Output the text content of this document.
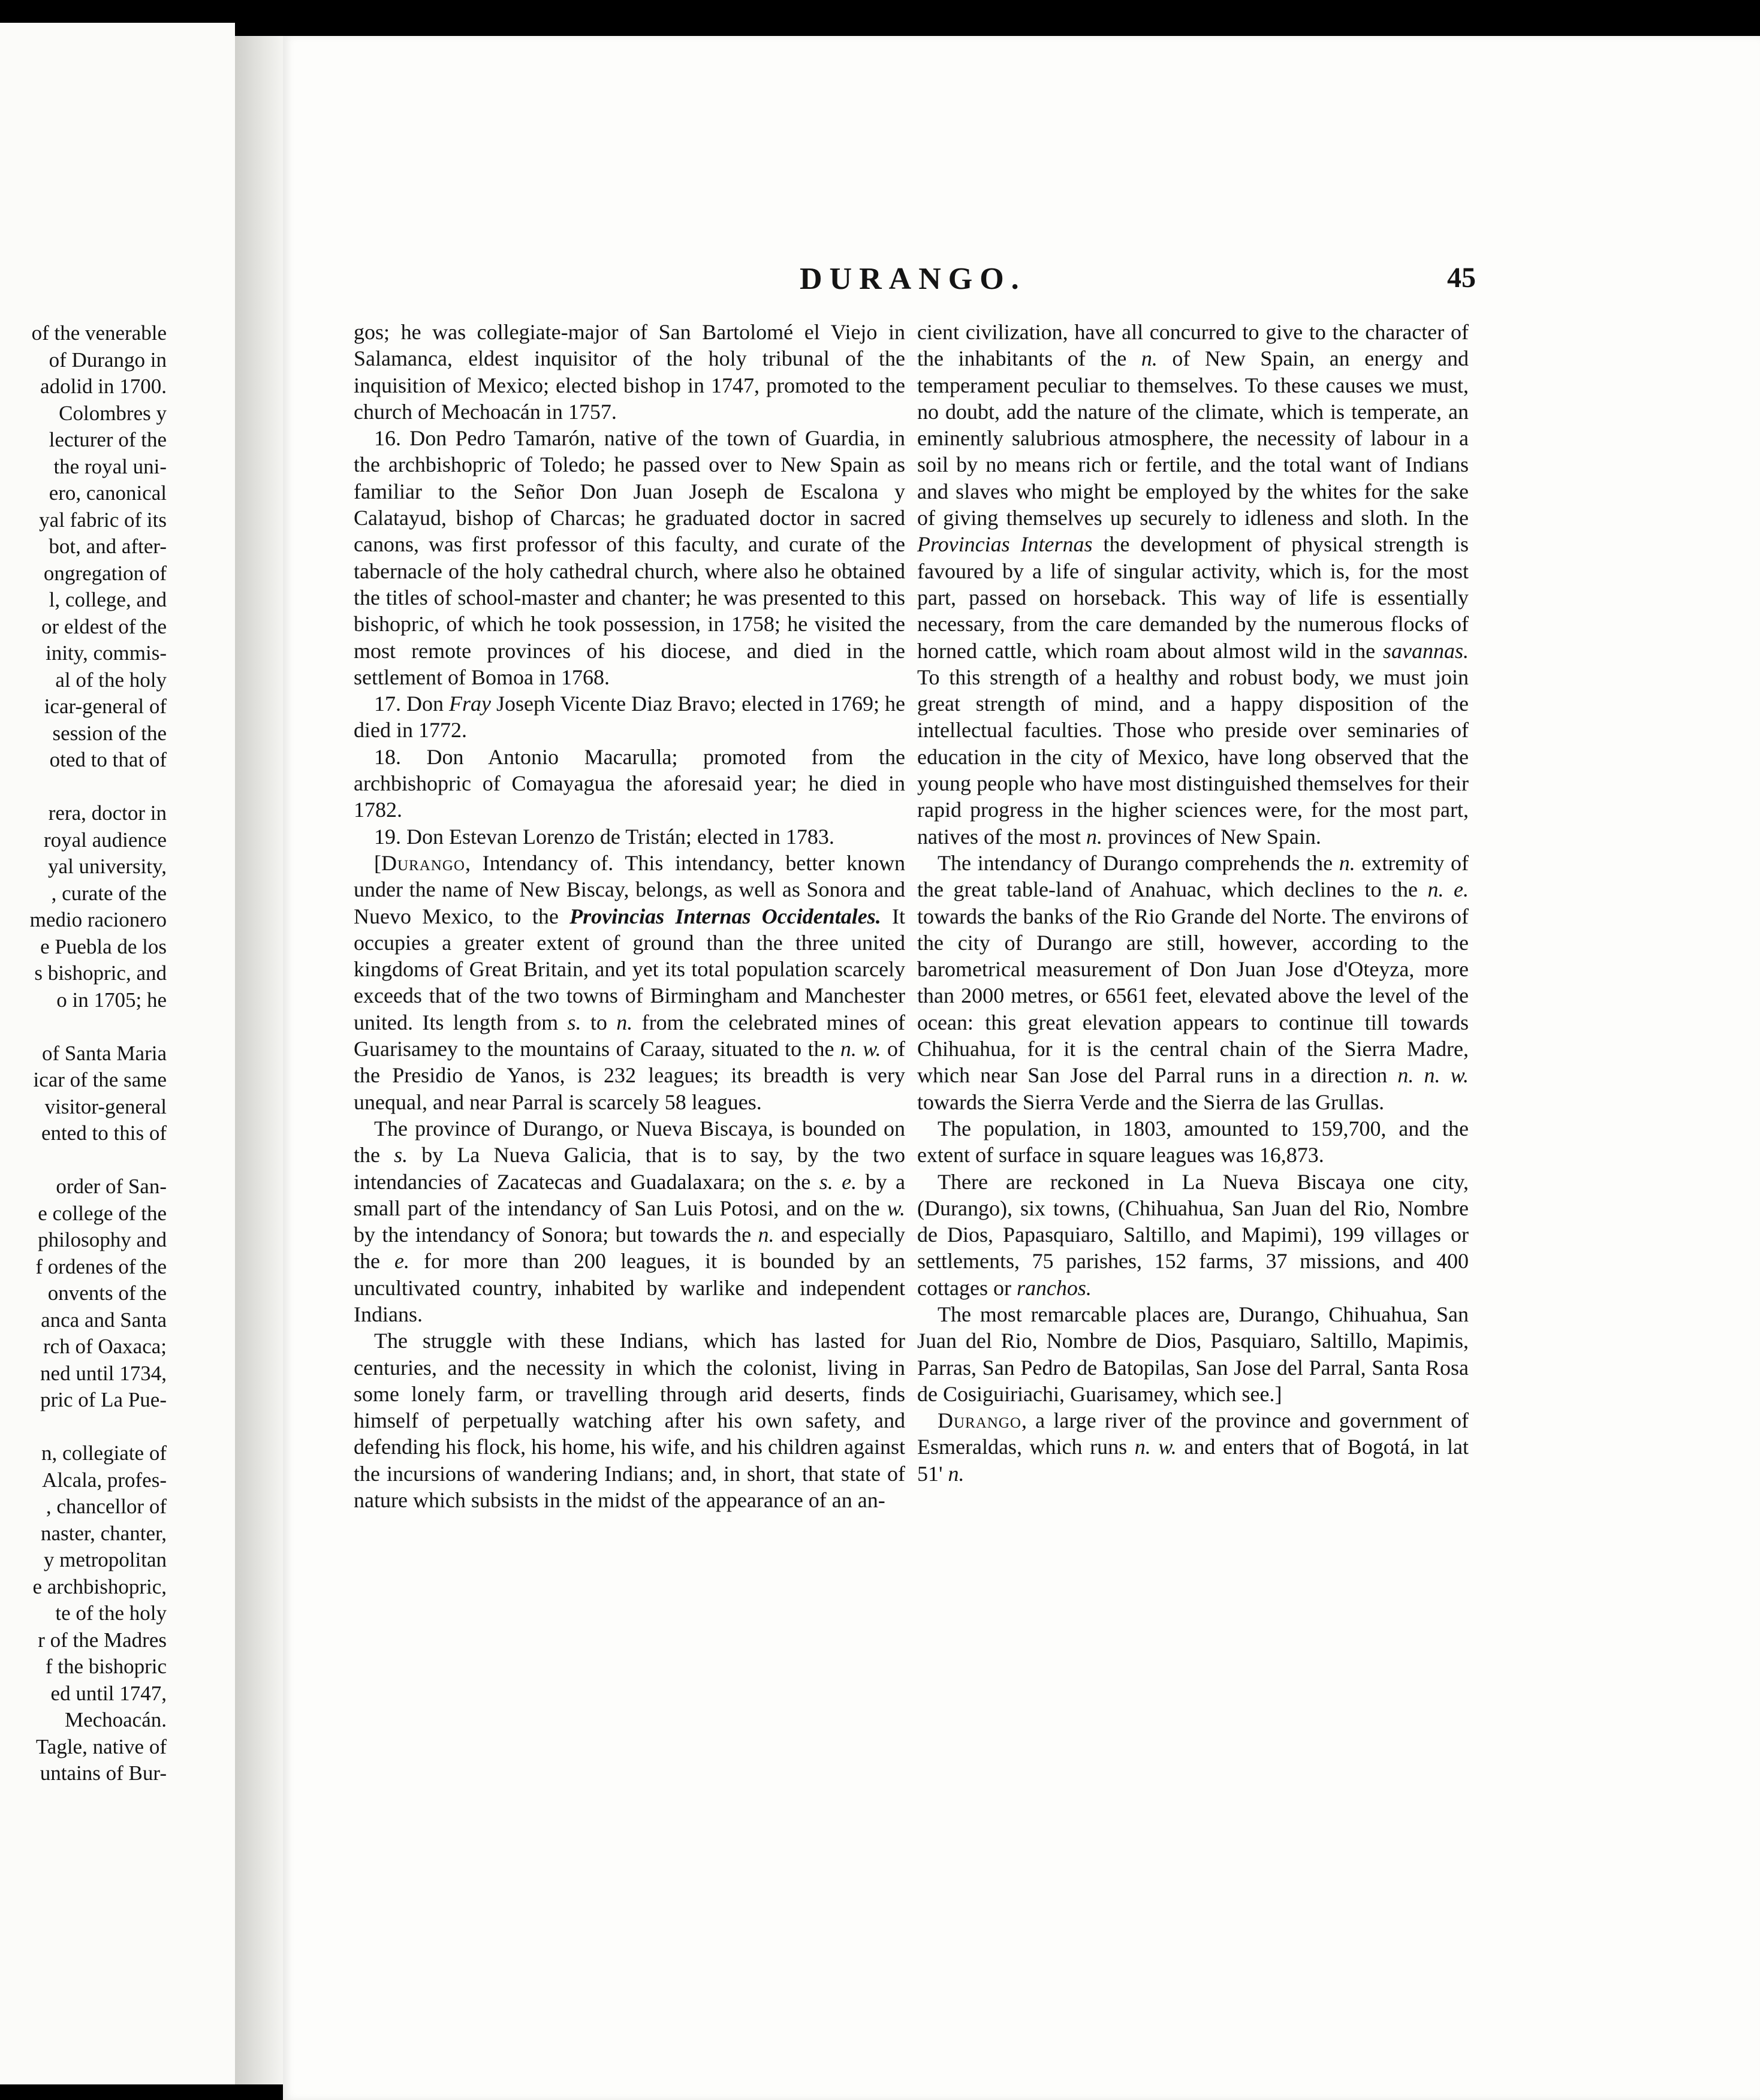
of the venerable
of Durango in
adolid in 1700.
Colombres y
lecturer of the
the royal uni-
ero, canonical
yal fabric of its
bot, and after-
ongregation of
l, college, and
or eldest of the
inity, commis-
al of the holy
icar-general of
session of the
oted to that of
rera, doctor in
royal audience
yal university,
, curate of the
medio racionero
e Puebla de los
s bishopric, and
o in 1705; he
of Santa Maria
icar of the same
visitor-general
ented to this of
order of San-
e college of the
philosophy and
f ordenes of the
onvents of the
anca and Santa
rch of Oaxaca;
ned until 1734,
pric of La Pue-
n, collegiate of
Alcala, profes-
, chancellor of
naster, chanter,
y metropolitan
e archbishopric,
te of the holy
r of the Madres
f the bishopric
ed until 1747,
Mechoacán.
Tagle, native of
untains of Bur-
DURANGO.	45

gos; he was collegiate-major of San Bartolomé el Viejo in Salamanca, eldest inquisitor of the holy tribunal of the inquisition of Mexico; elected bishop in 1747, promoted to the church of Mechoacán in 1757.

16. Don Pedro Tamarón, native of the town of Guardia, in the archbishopric of Toledo; he passed over to New Spain as familiar to the Señor Don Juan Joseph de Escalona y Calatayud, bishop of Charcas; he graduated doctor in sacred canons, was first professor of this faculty, and curate of the tabernacle of the holy cathedral church, where also he obtained the titles of school-master and chanter; he was presented to this bishopric, of which he took possession, in 1758; he visited the most remote provinces of his diocese, and died in the settlement of Bomoa in 1768.

17. Don Fray Joseph Vicente Diaz Bravo; elected in 1769; he died in 1772.

18. Don Antonio Macarulla; promoted from the archbishopric of Comayagua the aforesaid year; he died in 1782.

19. Don Estevan Lorenzo de Tristán; elected in 1783.

[Durango, Intendancy of. This intendancy, better known under the name of New Biscay, belongs, as well as Sonora and Nuevo Mexico, to the Provincias Internas Occidentales. It occupies a greater extent of ground than the three united kingdoms of Great Britain, and yet its total population scarcely exceeds that of the two towns of Birmingham and Manchester united. Its length from s. to n. from the celebrated mines of Guarisamey to the mountains of Caraay, situated to the n. w. of the Presidio de Yanos, is 232 leagues; its breadth is very unequal, and near Parral is scarcely 58 leagues.

The province of Durango, or Nueva Biscaya, is bounded on the s. by La Nueva Galicia, that is to say, by the two intendancies of Zacatecas and Guadalaxara; on the s. e. by a small part of the intendancy of San Luis Potosi, and on the w. by the intendancy of Sonora; but towards the n. and especially the e. for more than 200 leagues, it is bounded by an uncultivated country, inhabited by warlike and independent Indians.

The struggle with these Indians, which has lasted for centuries, and the necessity in which the colonist, living in some lonely farm, or travelling through arid deserts, finds himself of perpetually watching after his own safety, and defending his flock, his home, his wife, and his children against the incursions of wandering Indians; and, in short, that state of nature which subsists in the midst of the appearance of an an-

cient civilization, have all concurred to give to the character of the inhabitants of the n. of New Spain, an energy and temperament peculiar to themselves. To these causes we must, no doubt, add the nature of the climate, which is temperate, an eminently salubrious atmosphere, the necessity of labour in a soil by no means rich or fertile, and the total want of Indians and slaves who might be employed by the whites for the sake of giving themselves up securely to idleness and sloth. In the Provincias Internas the development of physical strength is favoured by a life of singular activity, which is, for the most part, passed on horseback. This way of life is essentially necessary, from the care demanded by the numerous flocks of horned cattle, which roam about almost wild in the savannas. To this strength of a healthy and robust body, we must join great strength of mind, and a happy disposition of the intellectual faculties. Those who preside over seminaries of education in the city of Mexico, have long observed that the young people who have most distinguished themselves for their rapid progress in the higher sciences were, for the most part, natives of the most n. provinces of New Spain.

The intendancy of Durango comprehends the n. extremity of the great table-land of Anahuac, which declines to the n. e. towards the banks of the Rio Grande del Norte. The environs of the city of Durango are still, however, according to the barometrical measurement of Don Juan Jose d'Oteyza, more than 2000 metres, or 6561 feet, elevated above the level of the ocean: this great elevation appears to continue till towards Chihuahua, for it is the central chain of the Sierra Madre, which near San Jose del Parral runs in a direction n. n. w. towards the Sierra Verde and the Sierra de las Grullas.

The population, in 1803, amounted to 159,700, and the extent of surface in square leagues was 16,873.

There are reckoned in La Nueva Biscaya one city, (Durango), six towns, (Chihuahua, San Juan del Rio, Nombre de Dios, Papasquiaro, Saltillo, and Mapimi), 199 villages or settlements, 75 parishes, 152 farms, 37 missions, and 400 cottages or ranchos.

The most remarcable places are, Durango, Chihuahua, San Juan del Rio, Nombre de Dios, Pasquiaro, Saltillo, Mapimis, Parras, San Pedro de Batopilas, San Jose del Parral, Santa Rosa de Cosiguiriachi, Guarisamey, which see.]

Durango, a large river of the province and government of Esmeraldas, which runs n. w. and enters that of Bogotá, in lat 51' n.
